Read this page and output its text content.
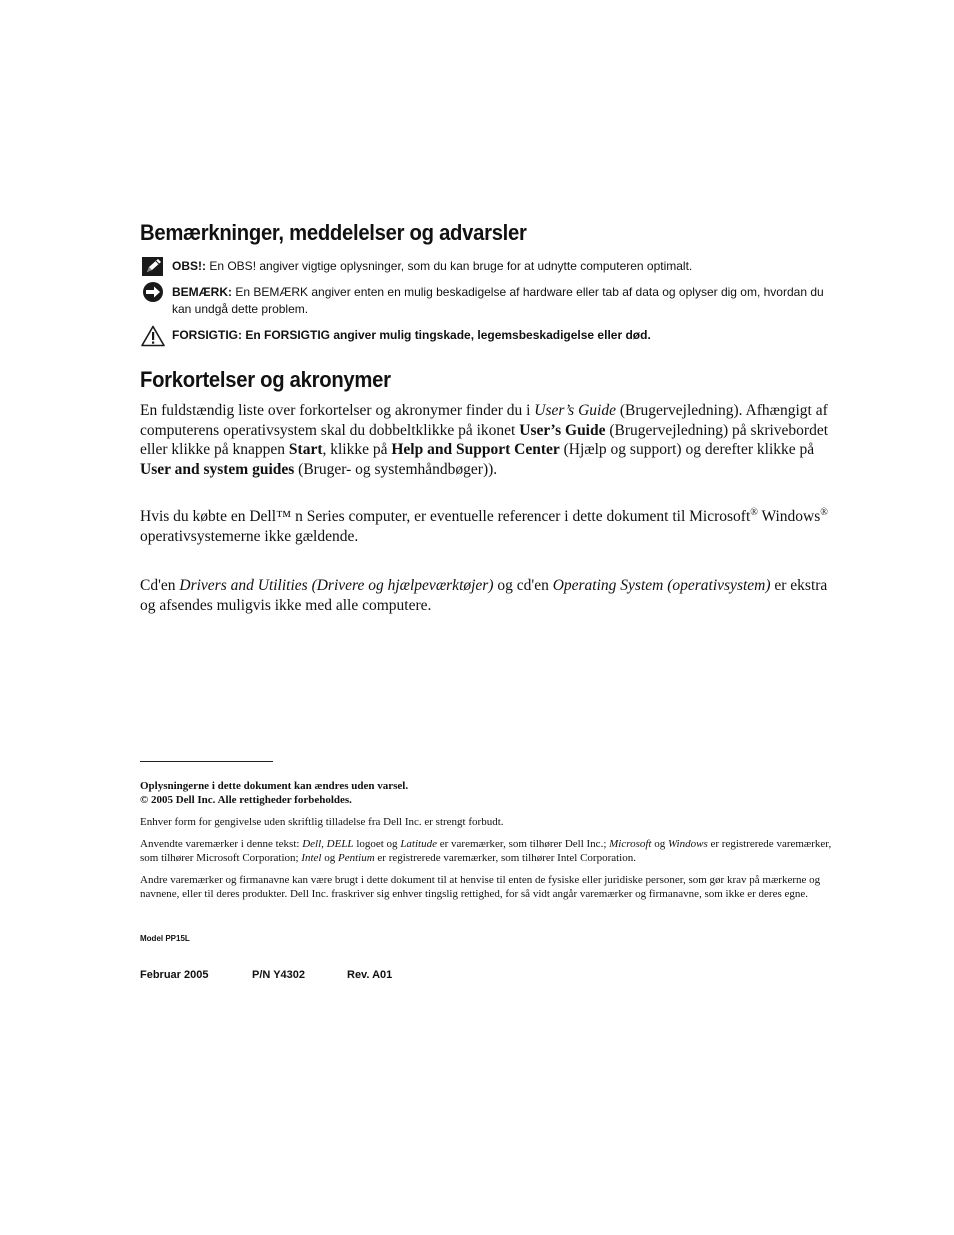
Bemærkninger, meddelelser og advarsler
OBS!: En OBS! angiver vigtige oplysninger, som du kan bruge for at udnytte computeren optimalt.
BEMÆRK: En BEMÆRK angiver enten en mulig beskadigelse af hardware eller tab af data og oplyser dig om, hvordan du kan undgå dette problem.
FORSIGTIG: En FORSIGTIG angiver mulig tingskade, legemsbeskadigelse eller død.
Forkortelser og akronymer

En fuldstændig liste over forkortelser og akronymer finder du i User’s Guide (Brugervejledning). Afhængigt af computerens operativsystem skal du dobbeltklikke på ikonet User’s Guide (Brugervejledning) på skrivebordet eller klikke på knappen Start, klikke på Help and Support Center (Hjælp og support) og derefter klikke på User and system guides (Bruger- og systemhåndbøger)).

Hvis du købte en Dell™ n Series computer, er eventuelle referencer i dette dokument til Microsoft® Windows® operativsystemerne ikke gældende.

Cd'en Drivers and Utilities (Drivere og hjælpeværktøjer) og cd'en Operating System (operativsystem) er ekstra og afsendes muligvis ikke med alle computere.

Oplysningerne i dette dokument kan ændres uden varsel.
© 2005 Dell Inc. Alle rettigheder forbeholdes.

Enhver form for gengivelse uden skriftlig tilladelse fra Dell Inc. er strengt forbudt.

Anvendte varemærker i denne tekst: Dell, DELL logoet og Latitude er varemærker, som tilhører Dell Inc.; Microsoft og Windows er registrerede varemærker, som tilhører Microsoft Corporation; Intel og Pentium er registrerede varemærker, som tilhører Intel Corporation.

Andre varemærker og firmanavne kan være brugt i dette dokument til at henvise til enten de fysiske eller juridiske personer, som gør krav på mærkerne og navnene, eller til deres produkter. Dell Inc. fraskriver sig enhver tingslig rettighed, for så vidt angår varemærker og firmanavne, som ikke er deres egne.

Model PP15L
Februar 2005	P/N Y4302	Rev. A01
